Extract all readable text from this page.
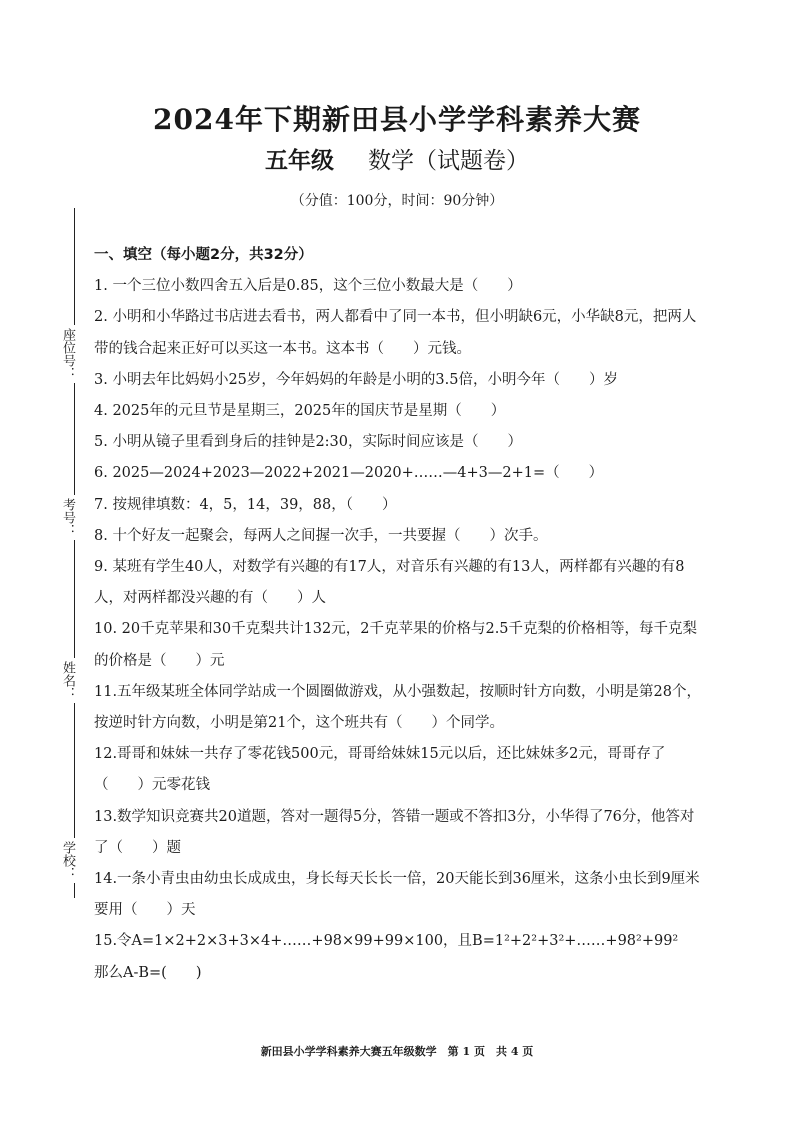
2024年下期新田县小学学科素养大赛
五年级 数学（试题卷）
（分值：100分，时间：90分钟）
座位号：
考号：
姓名：
学校：

一、填空（每小题2分，共32分）

1. 一个三位小数四舍五入后是0.85，这个三位小数最大是（　　）

2. 小明和小华路过书店进去看书，两人都看中了同一本书，但小明缺6元，小华缺8元，把两人带的钱合起来正好可以买这一本书。这本书（　　）元钱。

3. 小明去年比妈妈小25岁，今年妈妈的年龄是小明的3.5倍，小明今年（　　）岁

4. 2025年的元旦节是星期三，2025年的国庆节是星期（　　）

5. 小明从镜子里看到身后的挂钟是2:30，实际时间应该是（　　）

6. 2025—2024+2023—2022+2021—2020+……—4+3—2+1=（　　）

7. 按规律填数：4，5，14，39，88，（　　）

8. 十个好友一起聚会，每两人之间握一次手，一共要握（　　）次手。

9. 某班有学生40人，对数学有兴趣的有17人，对音乐有兴趣的有13人，两样都有兴趣的有8人，对两样都没兴趣的有（　　）人

10. 20千克苹果和30千克梨共计132元，2千克苹果的价格与2.5千克梨的价格相等，每千克梨的价格是（　　）元

11.五年级某班全体同学站成一个圆圈做游戏，从小强数起，按顺时针方向数，小明是第28个，按逆时针方向数，小明是第21个，这个班共有（　　）个同学。

12.哥哥和妹妹一共存了零花钱500元，哥哥给妹妹15元以后，还比妹妹多2元，哥哥存了（　　）元零花钱

13.数学知识竞赛共20道题，答对一题得5分，答错一题或不答扣3分，小华得了76分，他答对了（　　）题

14.一条小青虫由幼虫长成成虫，身长每天长长一倍，20天能长到36厘米，这条小虫长到9厘米要用（　　）天

15.令A=1×2+2×3+3×4+……+98×99+99×100，且B=1²+2²+3²+……+98²+99²

那么A-B=(　　)

新田县小学学科素养大赛五年级数学　第 1 页　共 4 页
